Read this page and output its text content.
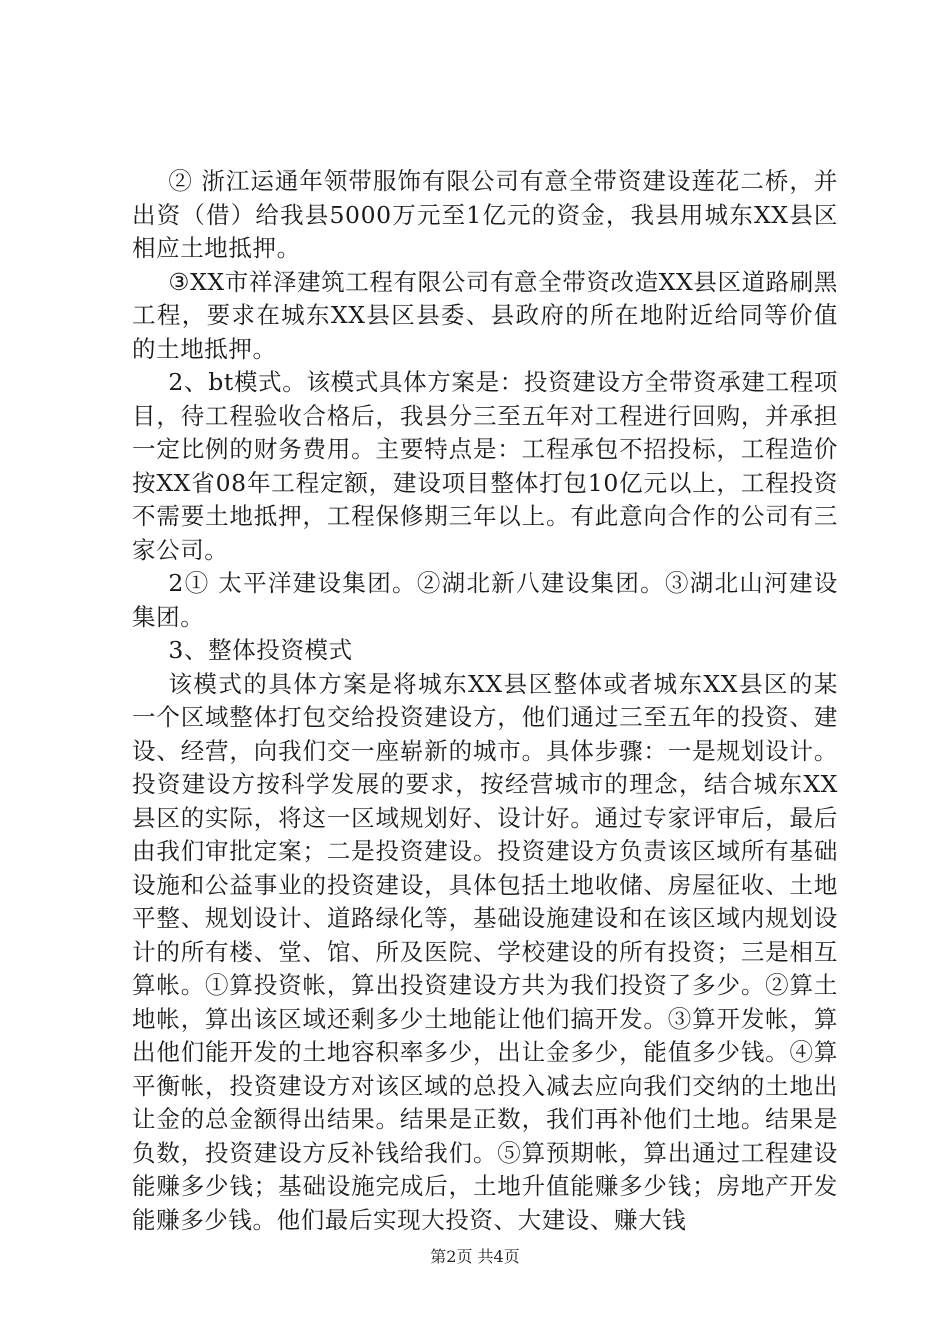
② 浙江运通年领带服饰有限公司有意全带资建设莲花二桥，并出资（借）给我县5000万元至1亿元的资金，我县用城东XX县区相应土地抵押。

③XX市祥泽建筑工程有限公司有意全带资改造XX县区道路刷黑工程，要求在城东XX县区县委、县政府的所在地附近给同等价值的土地抵押。

2、bt模式。该模式具体方案是：投资建设方全带资承建工程项目，待工程验收合格后，我县分三至五年对工程进行回购，并承担一定比例的财务费用。主要特点是：工程承包不招投标，工程造价按XX省08年工程定额，建设项目整体打包10亿元以上，工程投资不需要土地抵押，工程保修期三年以上。有此意向合作的公司有三家公司。

2① 太平洋建设集团。②湖北新八建设集团。③湖北山河建设集团。

3、整体投资模式

该模式的具体方案是将城东XX县区整体或者城东XX县区的某一个区域整体打包交给投资建设方，他们通过三至五年的投资、建设、经营，向我们交一座崭新的城市。具体步骤：一是规划设计。投资建设方按科学发展的要求，按经营城市的理念，结合城东XX县区的实际，将这一区域规划好、设计好。通过专家评审后，最后由我们审批定案；二是投资建设。投资建设方负责该区域所有基础设施和公益事业的投资建设，具体包括土地收储、房屋征收、土地平整、规划设计、道路绿化等，基础设施建设和在该区域内规划设计的所有楼、堂、馆、所及医院、学校建设的所有投资；三是相互算帐。①算投资帐，算出投资建设方共为我们投资了多少。②算土地帐，算出该区域还剩多少土地能让他们搞开发。③算开发帐，算出他们能开发的土地容积率多少，出让金多少，能值多少钱。④算平衡帐，投资建设方对该区域的总投入减去应向我们交纳的土地出让金的总金额得出结果。结果是正数，我们再补他们土地。结果是负数，投资建设方反补钱给我们。⑤算预期帐，算出通过工程建设能赚多少钱；基础设施完成后，土地升值能赚多少钱；房地产开发能赚多少钱。他们最后实现大投资、大建设、赚大钱

第2页 共4页
